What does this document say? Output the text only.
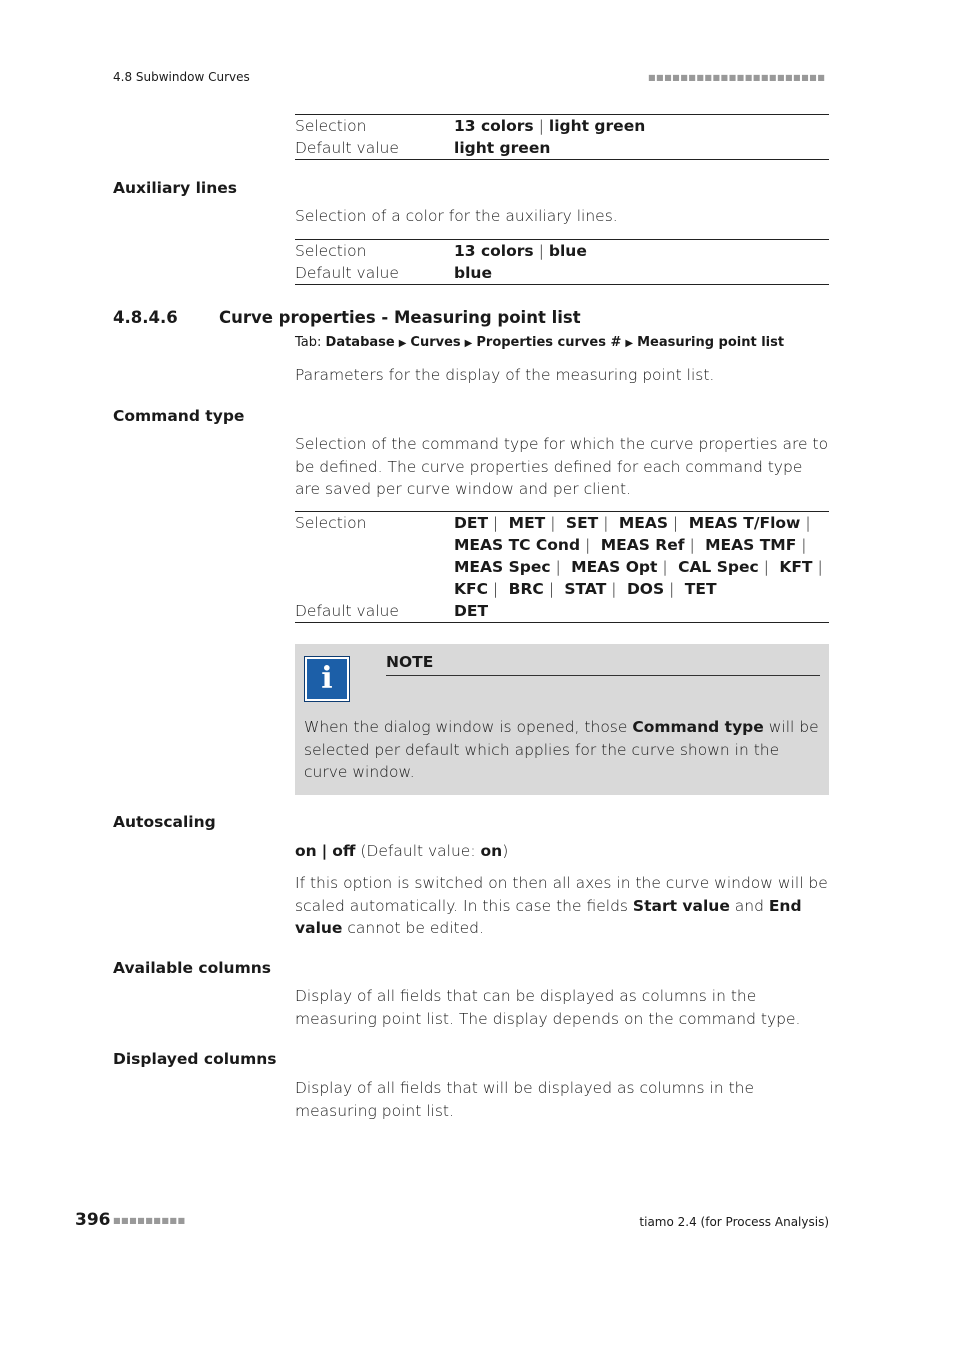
4.8 Subwindow Curves	■■■■■■■■■■■■■■■■■■■■■■
Selection	13 colors | light green
Default value	light green
Auxiliary lines
Selection of a color for the auxiliary lines.
Selection	13 colors | blue
Default value	blue
4.8.4.6	Curve properties - Measuring point list
Tab: Database ▶ Curves ▶ Properties curves # ▶ Measuring point list
Parameters for the display of the measuring point list.
Command type
Selection of the command type for which the curve properties are to be defined. The curve properties defined for each command type are saved per curve window and per client.
Selection	DET | MET | SET | MEAS | MEAS T/Flow | MEAS TC Cond | MEAS Ref | MEAS TMF | MEAS Spec | MEAS Opt | CAL Spec | KFT | KFC | BRC | STAT | DOS | TET
Default value	DET
i	NOTE
When the dialog window is opened, those Command type will be selected per default which applies for the curve shown in the curve window.
Autoscaling
on | off (Default value: on)
If this option is switched on then all axes in the curve window will be scaled automatically. In this case the fields Start value and End value cannot be edited.
Available columns
Display of all fields that can be displayed as columns in the measuring point list. The display depends on the command type.
Displayed columns
Display of all fields that will be displayed as columns in the measuring point list.
396 ■■■■■■■■■	tiamo 2.4 (for Process Analysis)
